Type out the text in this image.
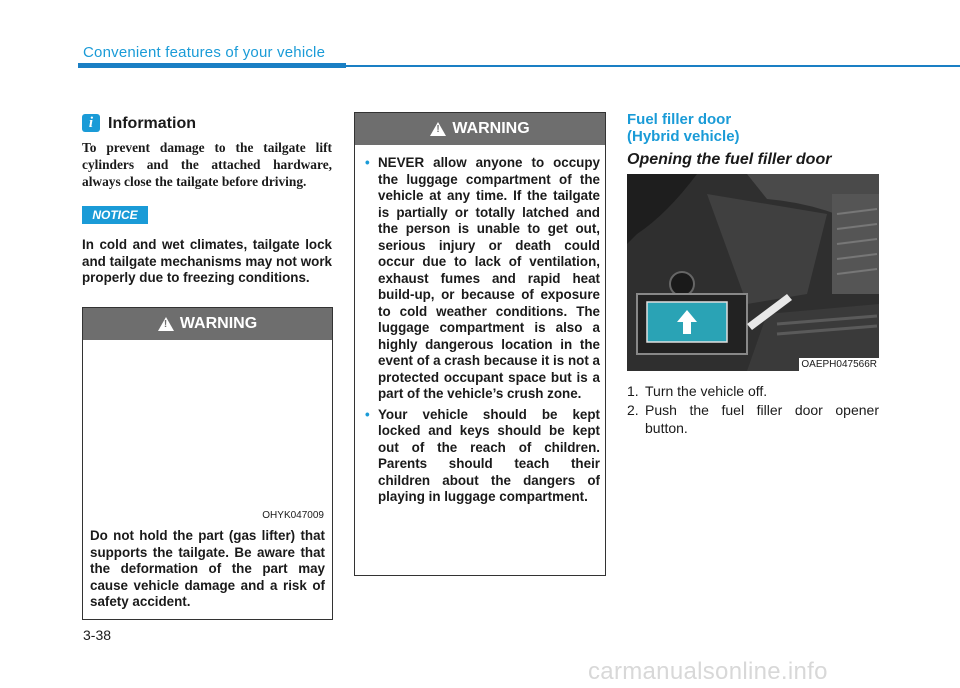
Convenient features of your vehicle
i Information
To prevent damage to the tailgate lift cylinders and the attached hardware, always close the tailgate before driving.
NOTICE
In cold and wet climates, tailgate lock and tailgate mechanisms may not work properly due to freezing conditions.
!
WARNING
OHYK047009
Do not hold the part (gas lifter) that supports the tailgate. Be aware that the deformation of the part may cause vehicle damage and a risk of safety accident.
!
WARNING
• NEVER allow anyone to occupy the luggage compartment of the vehicle at any time. If the tailgate is partially or totally latched and the person is unable to get out, serious injury or death could occur due to lack of ventilation, exhaust fumes and rapid heat build-up, or because of exposure to cold weather conditions. The luggage compartment is also a highly dangerous location in the event of a crash because it is not a protected occupant space but is a part of the vehicle’s crush zone.
• Your vehicle should be kept locked and keys should be kept out of the reach of children. Parents should teach their children about the dangers of playing in luggage compartment.
Fuel filler door
(Hybrid vehicle)
Opening the fuel filler door
OAEPH047566R
1. Turn the vehicle off.
2. Push the fuel filler door opener button.
3-38
carmanualsonline.info
